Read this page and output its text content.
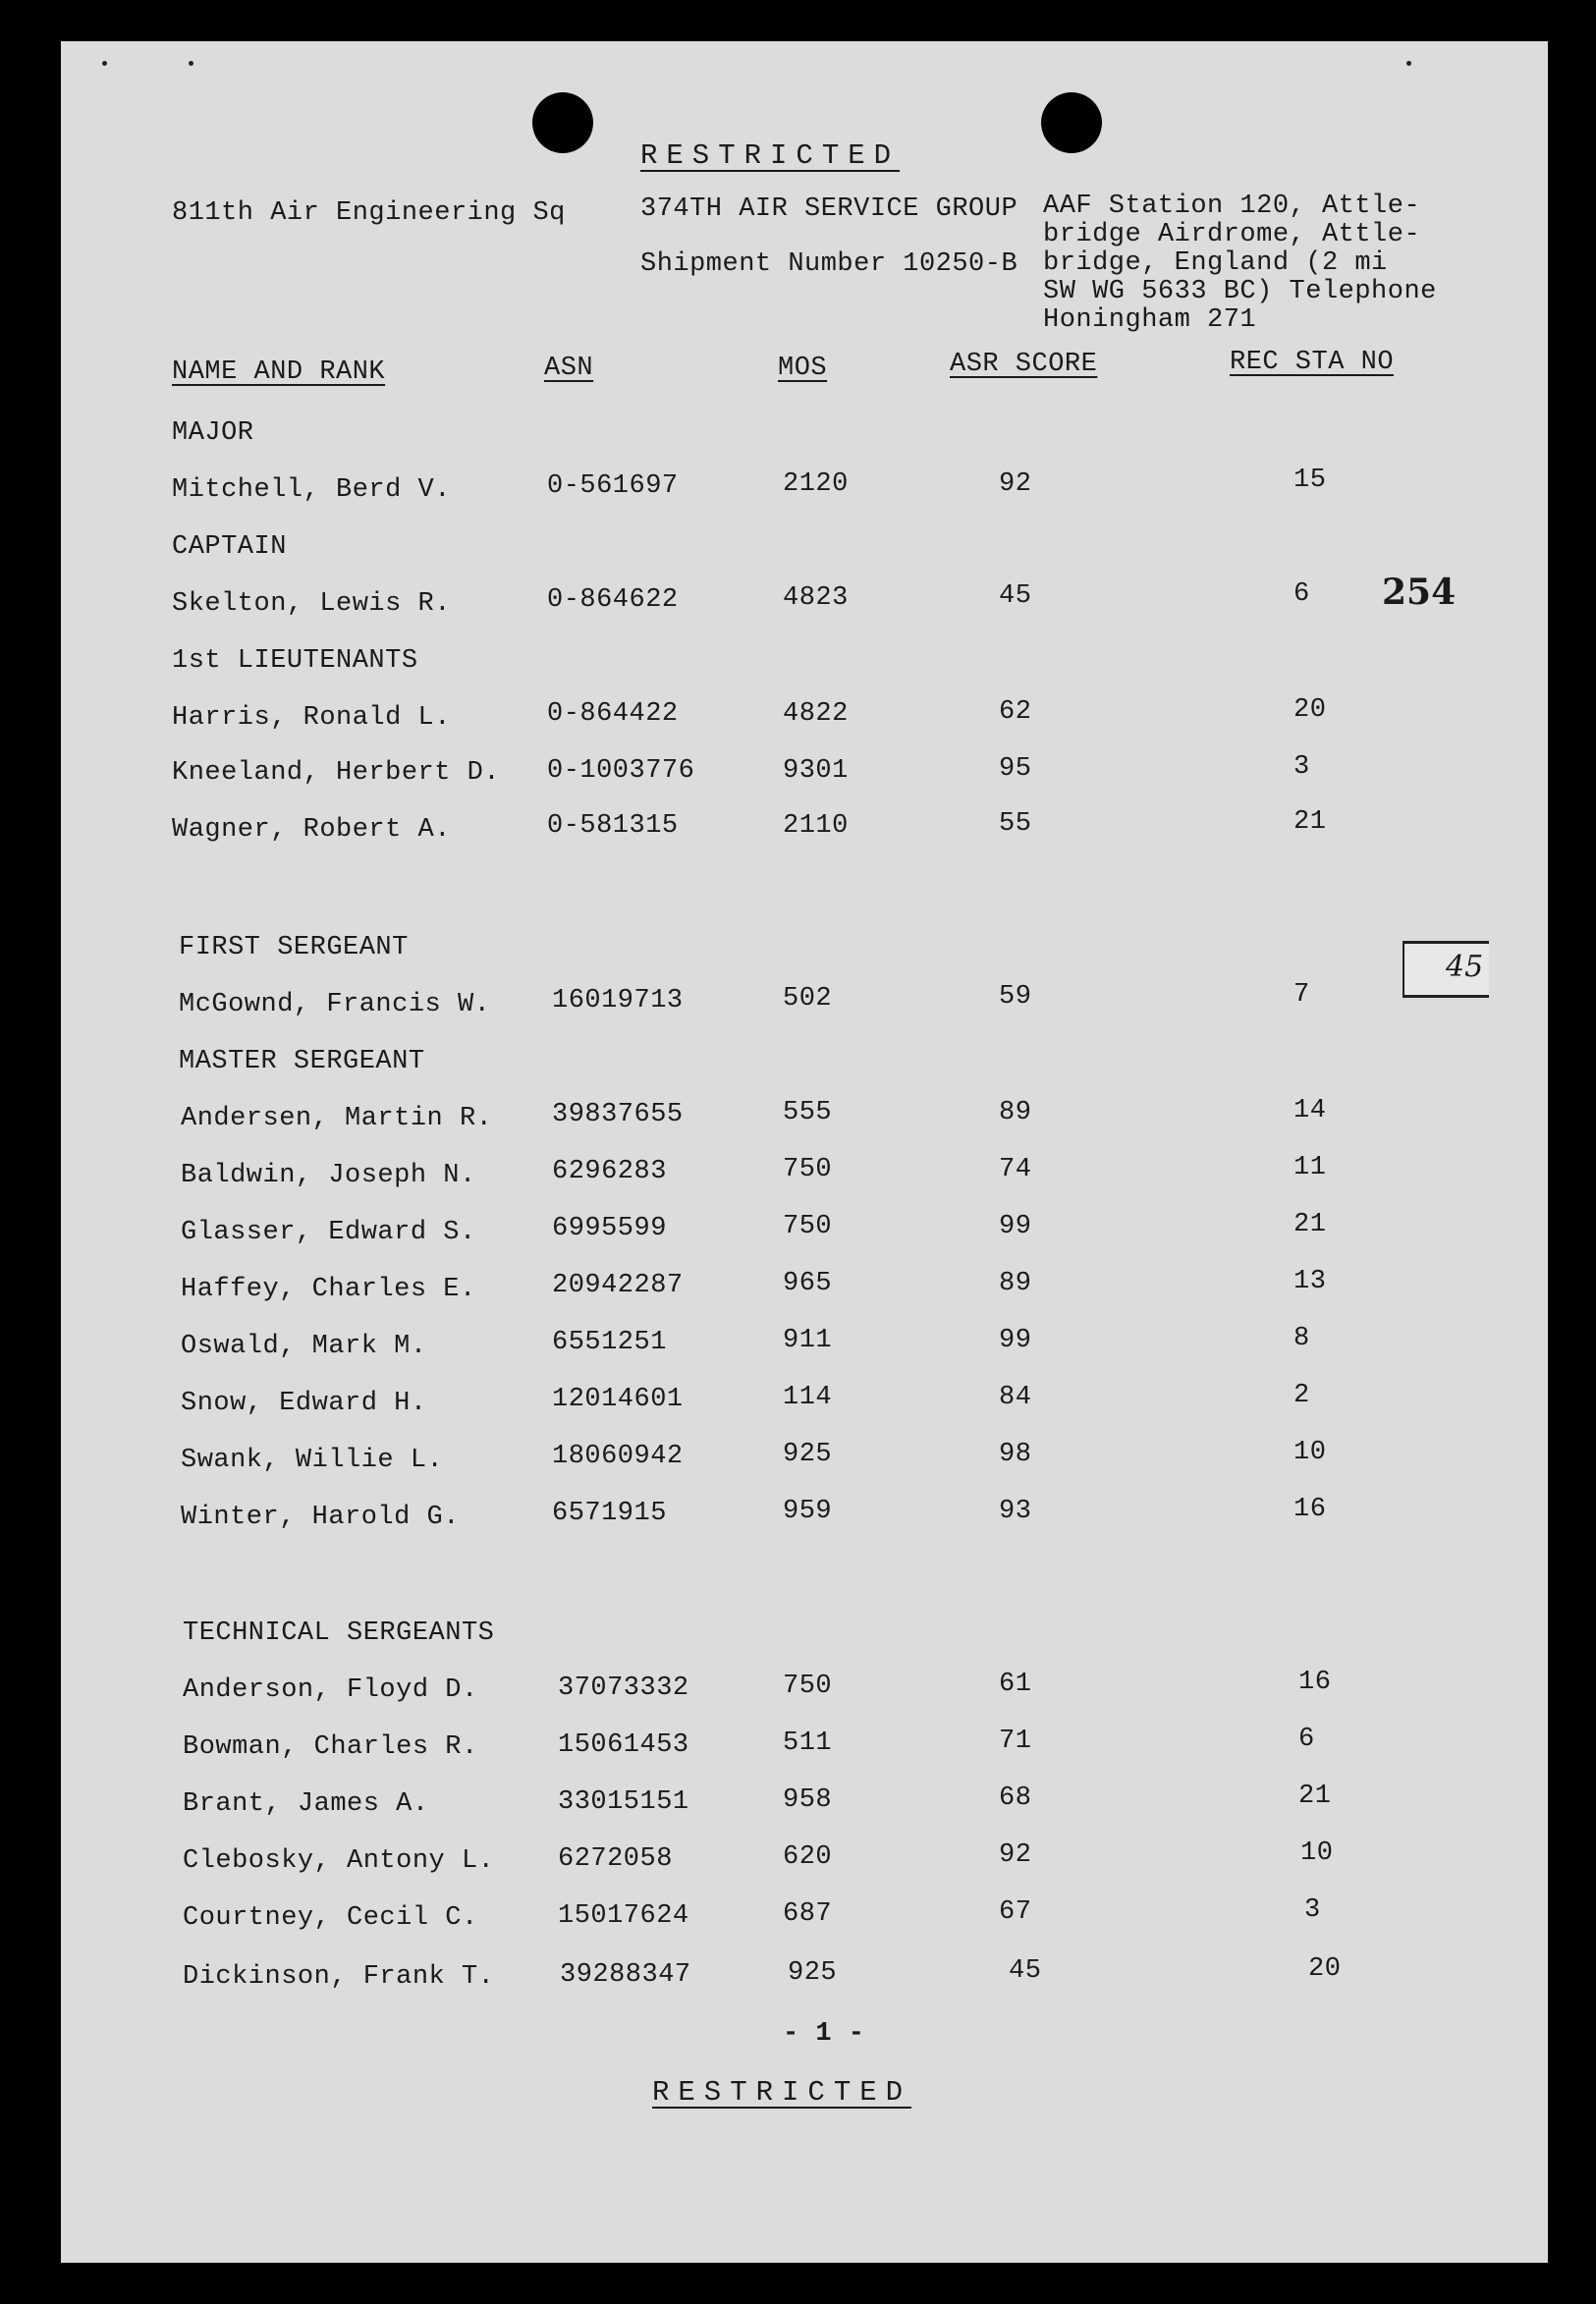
RESTRICTED
811th Air Engineering Sq	374TH AIR SERVICE GROUP
Shipment Number 10250-B
AAF Station 120, Attle-
bridge Airdrome, Attle-
bridge, England (2 mi
SW WG 5633 BC) Telephone
Honingham 271
NAME AND RANK	ASN	MOS	ASR SCORE	REC STA NO
MAJOR
Mitchell, Berd V.	0-561697	2120	92	15
CAPTAIN
Skelton, Lewis R.	0-864622	4823	45	6
1st LIEUTENANTS
Harris, Ronald L.	0-864422	4822	62	20
Kneeland, Herbert D. 0-1003776	9301	95	3
Wagner, Robert A.	0-581315	2110	55	21
FIRST SERGEANT
McGownd, Francis W. 16019713	502	59	7
MASTER SERGEANT
Andersen, Martin R. 39837655	555	89	14
Baldwin, Joseph N.	6296283	750	74	11
Glasser, Edward S.	6995599	750	99	21
Haffey, Charles E.	20942287	965	89	13
Oswald, Mark M.	6551251	911	99	8
Snow, Edward H.	12014601	114	84	2
Swank, Willie L.	18060942	925	98	10
Winter, Harold G.	6571915	959	93	16
TECHNICAL SERGEANTS
Anderson, Floyd D.	37073332	750	61	16
Bowman, Charles R.	15061453	511	71	6
Brant, James A.	33015151	958	68	21
Clebosky, Antony L. 6272058	620	92	10
Courtney, Cecil C.	15017624	687	67	3
Dickinson, Frank T. 39288347	925	45	20
254
- 1 -
RESTRICTED
45
